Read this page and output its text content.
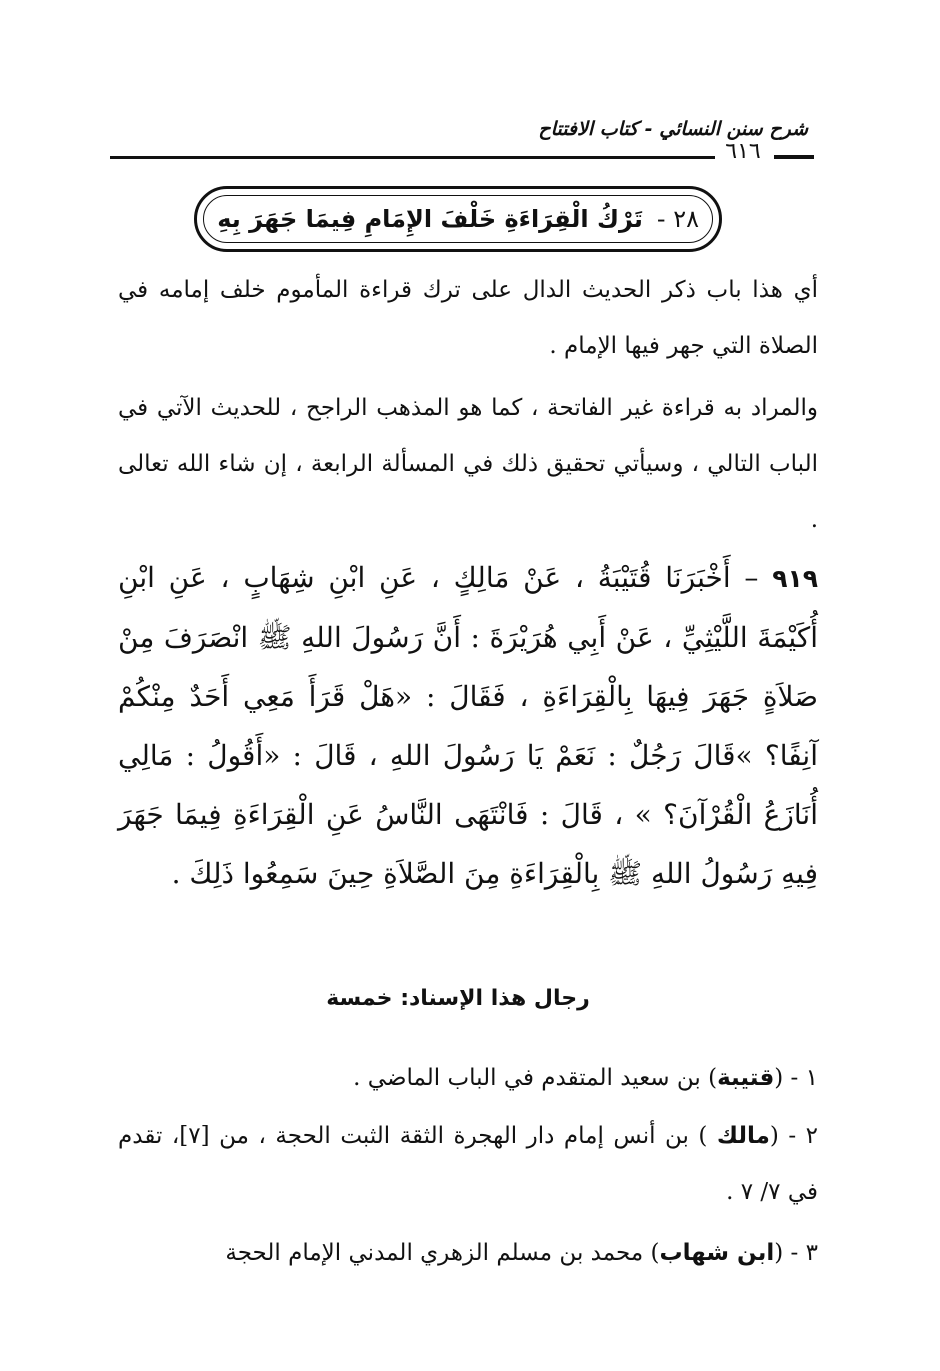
شرح سنن النسائي - كتاب الافتتاح
٦١٦
٢٨ -
تَرْكُ الْقِرَاءَةِ خَلْفَ الإِمَامِ فِيمَا جَهَرَ بِهِ
أي هذا باب ذكر الحديث الدال على ترك قراءة المأموم خلف إمامه في الصلاة التي جهر فيها الإمام .
والمراد به قراءة غير الفاتحة ، كما هو المذهب الراجح ، للحديث الآتي في الباب التالي ، وسيأتي تحقيق ذلك في المسألة الرابعة ، إن شاء الله تعالى .
٩١٩ – أَخْبَرَنَا قُتَيْبَةُ ، عَنْ مَالِكٍ ، عَنِ ابْنِ شِهَابٍ ، عَنِ ابْنِ أُكَيْمَةَ اللَّيْثِيِّ ، عَنْ أَبِي هُرَيْرَةَ : أَنَّ رَسُولَ اللهِ ﷺ انْصَرَفَ مِنْ صَلاَةٍ جَهَرَ فِيهَا بِالْقِرَاءَةِ ، فَقَالَ : «هَلْ قَرَأَ مَعِي أَحَدٌ مِنْكُمْ آنِفًا؟ »قَالَ رَجُلٌ : نَعَمْ يَا رَسُولَ اللهِ ، قَالَ : «أَقُولُ : مَالِي أُنَازَعُ الْقُرْآنَ؟ » ، قَالَ : فَانْتَهَى النَّاسُ عَنِ الْقِرَاءَةِ فِيمَا جَهَرَ فِيهِ رَسُولُ اللهِ ﷺ بِالْقِرَاءَةِ مِنَ الصَّلاَةِ حِينَ سَمِعُوا ذَلِكَ .
رجال هذا الإسناد: خمسة
١ - (قتيبة) بن سعيد المتقدم في الباب الماضي .
٢ - (مالك ) بن أنس إمام دار الهجرة الثقة الثبت الحجة ، من [٧]، تقدم في ٧/ ٧ .
٣ - (ابن شهاب) محمد بن مسلم الزهري المدني الإمام الحجة
